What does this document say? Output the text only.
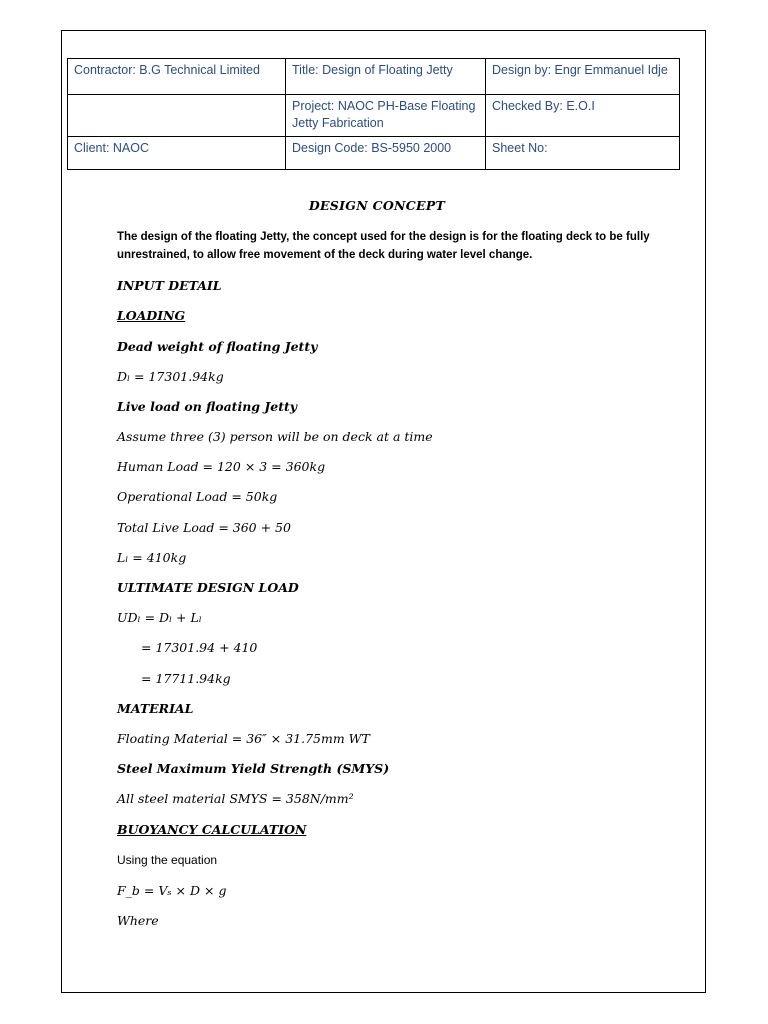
Contractor: B.G Technical Limited	Title: Design of Floating Jetty	Design by: Engr Emmanuel Idje
	Project: NAOC PH-Base Floating Jetty Fabrication	Checked By: E.O.I
Client: NAOC	Design Code: BS-5950 2000	Sheet No:
DESIGN CONCEPT
The design of the floating Jetty, the concept used for the design is for the floating deck to be fully
unrestrained, to allow free movement of the deck during water level change.
INPUT DETAIL
LOADING
Dead weight of floating Jetty
Dₗ = 17301.94kg
Live load on floating Jetty
Assume three (3) person will be on deck at a time
Human Load = 120 × 3 = 360kg
Operational Load = 50kg
Total Live Load = 360 + 50
Lₗ = 410kg
ULTIMATE DESIGN LOAD
UDₗ = Dₗ + Lₗ
= 17301.94 + 410
= 17711.94kg
MATERIAL
Floating Material = 36″ × 31.75mm WT
Steel Maximum Yield Strength (SMYS)
All steel material SMYS = 358N/mm²
BUOYANCY CALCULATION
Using the equation
F_b = Vₛ × D × g
Where
